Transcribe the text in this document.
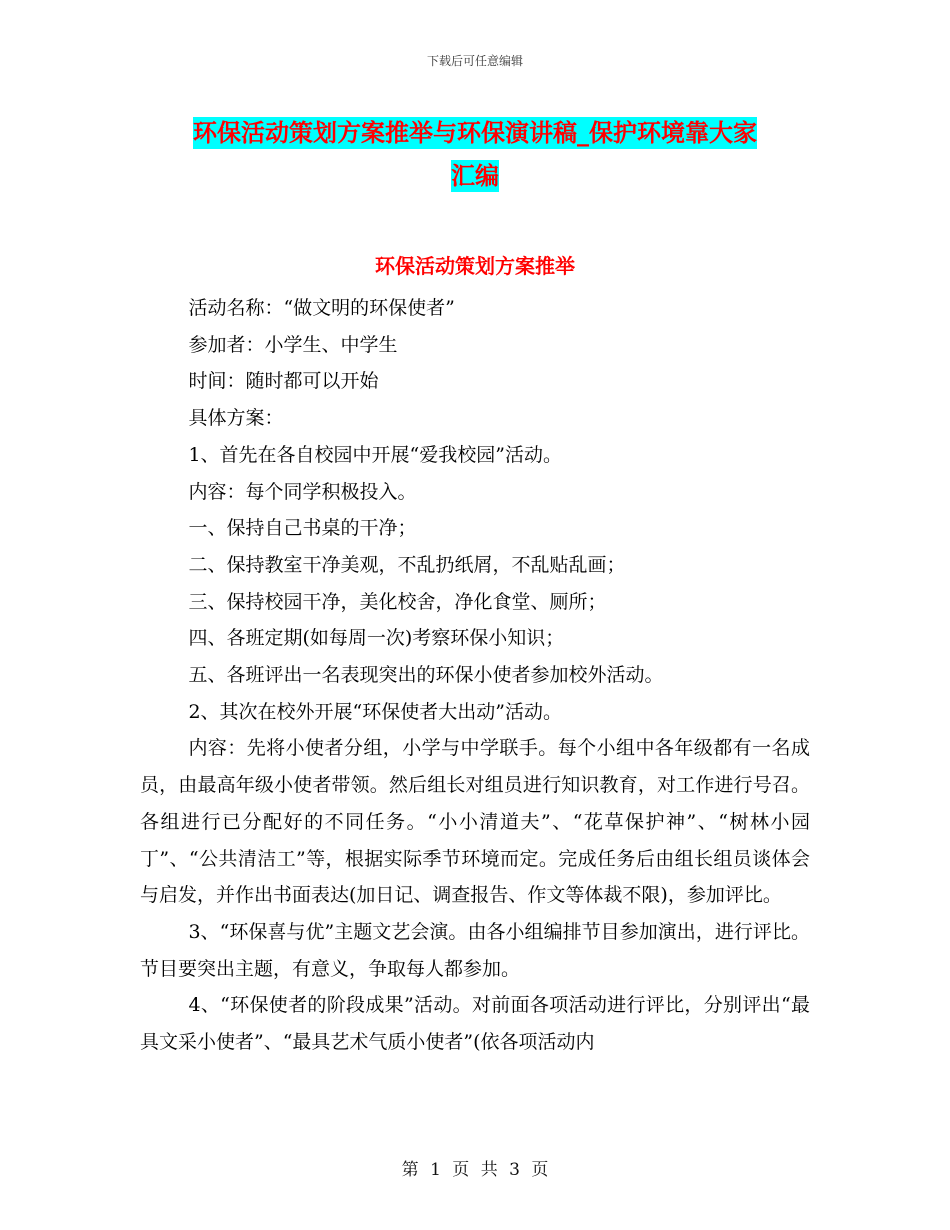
下载后可任意编辑
环保活动策划方案推举与环保演讲稿_保护环境靠大家
汇编
环保活动策划方案推举

活动名称：“做文明的环保使者”

参加者：小学生、中学生

时间：随时都可以开始

具体方案：

1、首先在各自校园中开展“爱我校园”活动。

内容：每个同学积极投入。

一、保持自己书桌的干净；

二、保持教室干净美观，不乱扔纸屑，不乱贴乱画；

三、保持校园干净，美化校舍，净化食堂、厕所；

四、各班定期(如每周一次)考察环保小知识；

五、各班评出一名表现突出的环保小使者参加校外活动。

2、其次在校外开展“环保使者大出动”活动。

内容：先将小使者分组，小学与中学联手。每个小组中各年级都有一名成员，由最高年级小使者带领。然后组长对组员进行知识教育，对工作进行号召。各组进行已分配好的不同任务。“小小清道夫”、“花草保护神”、“树林小园丁”、“公共清洁工”等，根据实际季节环境而定。完成任务后由组长组员谈体会与启发，并作出书面表达(加日记、调查报告、作文等体裁不限)，参加评比。

3、“环保喜与优”主题文艺会演。由各小组编排节目参加演出，进行评比。节目要突出主题，有意义，争取每人都参加。

4、“环保使者的阶段成果”活动。对前面各项活动进行评比，分别评出“最具文采小使者”、“最具艺术气质小使者”(依各项活动内

第 1 页 共 3 页
